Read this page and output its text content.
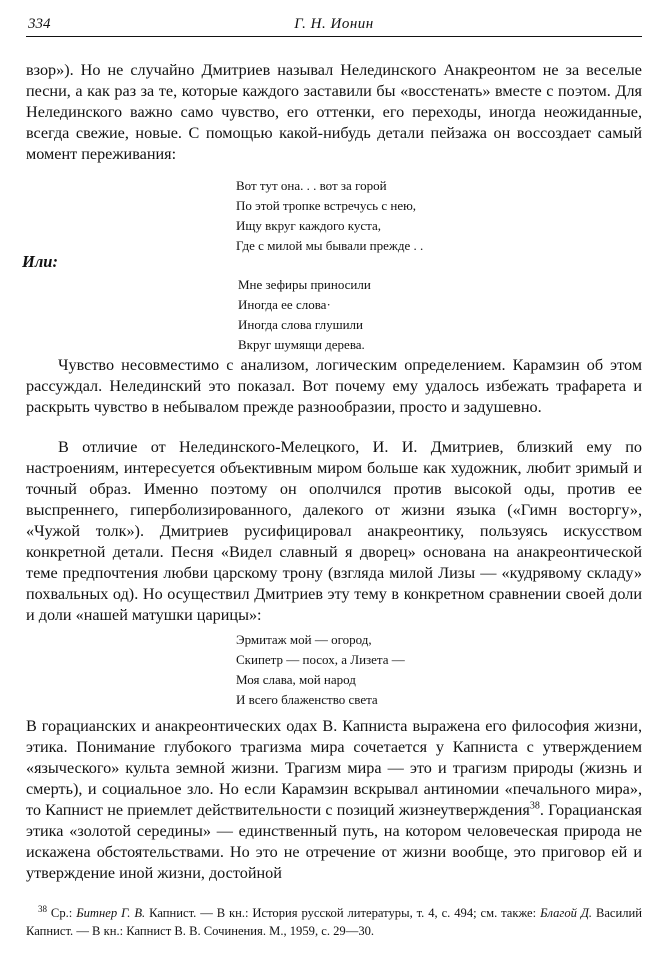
334	Г. Н. Ионин
взор»). Но не случайно Дмитриев называл Нелединского Анакреонтом не за веселые песни, а как раз за те, которые каждого заставили бы «воcстенать» вместе с поэтом. Для Нелединского важно само чувство, его оттенки, его переходы, иногда неожиданные, всегда свежие, новые. С помощью какой-нибудь детали пейзажа он воссоздает самый момент переживания:
Вот тут она. . . вот за горой
По этой тропке встречусь с нею,
Ищу вкруг каждого куста,
Где с милой мы бывали прежде . .
Или:
Мне зефиры приносили
Иногда ее слова·
Иногда слова глушили
Вкруг шумящи дерева.
Чувство несовместимо с анализом, логическим определением. Карамзин об этом рассуждал. Нелединский это показал. Вот почему ему удалось избежать трафарета и раскрыть чувство в небывалом прежде разнообразии, просто и задушевно.
В отличие от Нелединского-Мелецкого, И. И. Дмитриев, близкий ему по настроениям, интересуется объективным миром больше как художник, любит зримый и точный образ. Именно поэтому он ополчился против высокой оды, против ее выспреннего, гиперболизированного, далекого от жизни языка («Гимн восторгу», «Чужой толк»). Дмитриев русифицировал анакреонтику, пользуясь искусством конкретной детали. Песня «Видел славный я дворец» основана на анакреонтической теме предпочтения любви царскому трону (взгляда милой Лизы — «кудрявому складу» похвальных од). Но осуществил Дмитриев эту тему в конкретном сравнении своей доли и доли «нашей матушки царицы»:
Эрмитаж мой — огород,
Скипетр — посох, а Лизета —
Моя слава, мой народ
И всего блаженство света
В горацианских и анакреонтических одах В. Капниста выражена его философия жизни, этика. Понимание глубокого трагизма мира сочетается у Капниста с утверждением «языческого» культа земной жизни. Трагизм мира — это и трагизм природы (жизнь и смерть), и социальное зло. Но если Карамзин вскрывал антиномии «печального мира», то Капнист не приемлет действительности с позиций жизнеутверждения$^{38}$. Горацианская этика «золотой середины» — единственный путь, на котором человеческая природа не искажена обстоятельствами. Но это не отречение от жизни вообще, это приговор ей и утверждение иной жизни, достойной
$^{38}$ Ср.: Битнер Г. В. Капнист. — В кн.: История русской литературы, т. 4, с. 494; см. также: Благой Д. Василий Капнист. — В кн.: Капнист В. В. Сочинения. М., 1959, с. 29—30.
